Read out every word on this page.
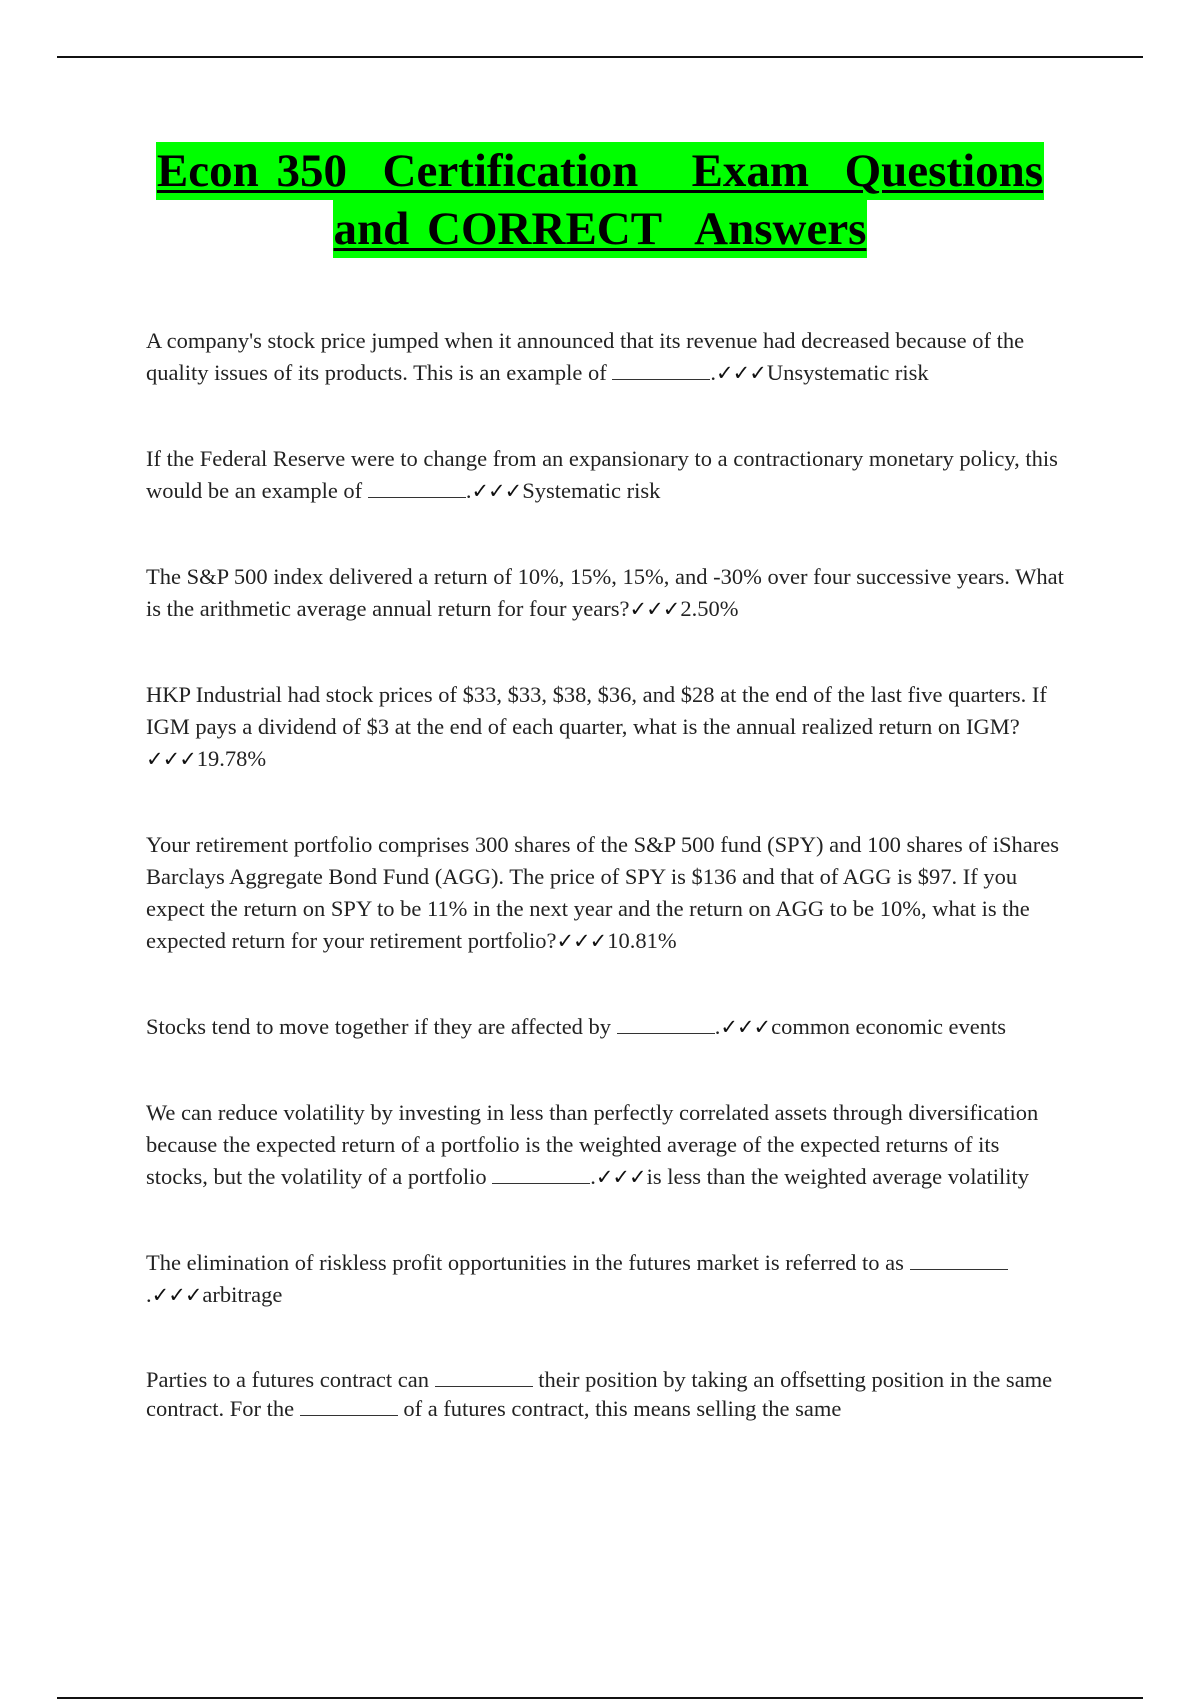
Econ 350  Certification   Exam  Questions
and CORRECT  Answers

A company's stock price jumped when it announced that its revenue had decreased because of the quality issues of its products. This is an example of	.✓✓✓Unsystematic risk

If the Federal Reserve were to change from an expansionary to a contractionary monetary policy, this would be an example of	.✓✓✓Systematic risk

The S&P 500 index delivered a return of 10%, 15%, 15%, and -30% over four successive years. What is the arithmetic average annual return for four years?✓✓✓2.50%

HKP Industrial had stock prices of $33, $33, $38, $36, and $28 at the end of the last five quarters. If IGM pays a dividend of $3 at the end of each quarter, what is the annual realized return on IGM?✓✓✓19.78%

Your retirement portfolio comprises 300 shares of the S&P 500 fund (SPY) and 100 shares of iShares Barclays Aggregate Bond Fund (AGG). The price of SPY is $136 and that of AGG is $97. If you expect the return on SPY to be 11% in the next year and the return on AGG to be 10%, what is the expected return for your retirement portfolio?✓✓✓10.81%

Stocks tend to move together if they are affected by	.✓✓✓common economic events

We can reduce volatility by investing in less than perfectly correlated assets through diversification because the expected return of a portfolio is the weighted average of the expected returns of its stocks, but the volatility of a portfolio	.✓✓✓is less than the weighted average volatility

The elimination of riskless profit opportunities in the futures market is referred to as .✓✓✓arbitrage

Parties to a futures contract can	their position by taking an offsetting position in the same contract. For the	of a futures contract, this means selling the same
